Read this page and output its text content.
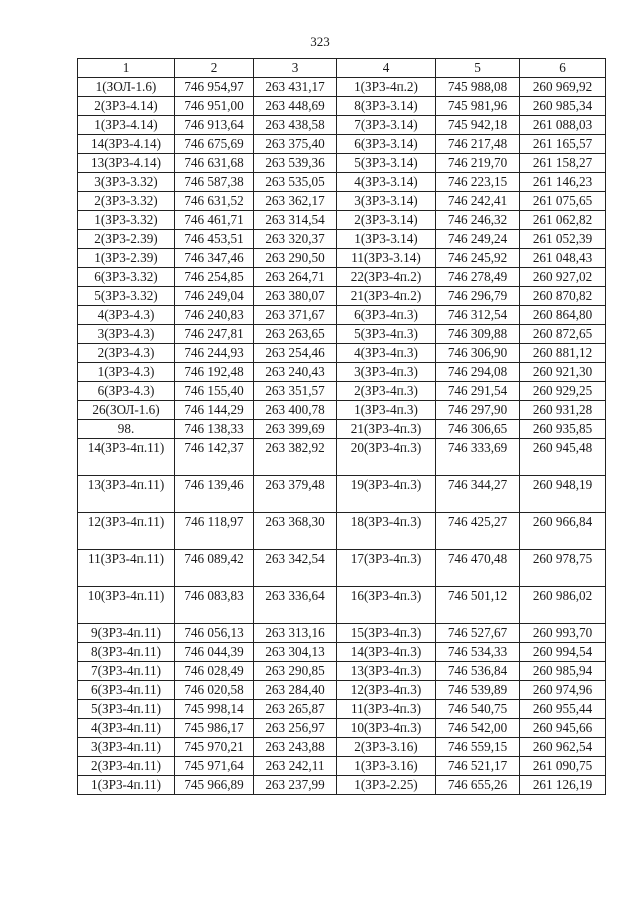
323
1	2	3	4	5	6
1(ЗОЛ-1.6)	746 954,97	263 431,17	1(ЗР3-4п.2)	745 988,08	260 969,92
2(ЗР3-4.14)	746 951,00	263 448,69	8(ЗР3-3.14)	745 981,96	260 985,34
1(ЗР3-4.14)	746 913,64	263 438,58	7(ЗР3-3.14)	745 942,18	261 088,03
14(ЗР3-4.14)	746 675,69	263 375,40	6(ЗР3-3.14)	746 217,48	261 165,57
13(ЗР3-4.14)	746 631,68	263 539,36	5(ЗР3-3.14)	746 219,70	261 158,27
3(ЗР3-3.32)	746 587,38	263 535,05	4(ЗР3-3.14)	746 223,15	261 146,23
2(ЗР3-3.32)	746 631,52	263 362,17	3(ЗР3-3.14)	746 242,41	261 075,65
1(ЗР3-3.32)	746 461,71	263 314,54	2(ЗР3-3.14)	746 246,32	261 062,82
2(ЗР3-2.39)	746 453,51	263 320,37	1(ЗР3-3.14)	746 249,24	261 052,39
1(ЗР3-2.39)	746 347,46	263 290,50	11(ЗР3-3.14)	746 245,92	261 048,43
6(ЗР3-3.32)	746 254,85	263 264,71	22(ЗР3-4п.2)	746 278,49	260 927,02
5(ЗР3-3.32)	746 249,04	263 380,07	21(ЗР3-4п.2)	746 296,79	260 870,82
4(ЗР3-4.3)	746 240,83	263 371,67	6(ЗР3-4п.3)	746 312,54	260 864,80
3(ЗР3-4.3)	746 247,81	263 263,65	5(ЗР3-4п.3)	746 309,88	260 872,65
2(ЗР3-4.3)	746 244,93	263 254,46	4(ЗР3-4п.3)	746 306,90	260 881,12
1(ЗР3-4.3)	746 192,48	263 240,43	3(ЗР3-4п.3)	746 294,08	260 921,30
6(ЗР3-4.3)	746 155,40	263 351,57	2(ЗР3-4п.3)	746 291,54	260 929,25
26(ЗОЛ-1.6)	746 144,29	263 400,78	1(ЗР3-4п.3)	746 297,90	260 931,28
98.	746 138,33	263 399,69	21(ЗР3-4п.3)	746 306,65	260 935,85
14(ЗР3-4п.11)	746 142,37	263 382,92	20(ЗР3-4п.3)	746 333,69	260 945,48
13(ЗР3-4п.11)	746 139,46	263 379,48	19(ЗР3-4п.3)	746 344,27	260 948,19
12(ЗР3-4п.11)	746 118,97	263 368,30	18(ЗР3-4п.3)	746 425,27	260 966,84
11(ЗР3-4п.11)	746 089,42	263 342,54	17(ЗР3-4п.3)	746 470,48	260 978,75
10(ЗР3-4п.11)	746 083,83	263 336,64	16(ЗР3-4п.3)	746 501,12	260 986,02
9(ЗР3-4п.11)	746 056,13	263 313,16	15(ЗР3-4п.3)	746 527,67	260 993,70
8(ЗР3-4п.11)	746 044,39	263 304,13	14(ЗР3-4п.3)	746 534,33	260 994,54
7(ЗР3-4п.11)	746 028,49	263 290,85	13(ЗР3-4п.3)	746 536,84	260 985,94
6(ЗР3-4п.11)	746 020,58	263 284,40	12(ЗР3-4п.3)	746 539,89	260 974,96
5(ЗР3-4п.11)	745 998,14	263 265,87	11(ЗР3-4п.3)	746 540,75	260 955,44
4(ЗР3-4п.11)	745 986,17	263 256,97	10(ЗР3-4п.3)	746 542,00	260 945,66
3(ЗР3-4п.11)	745 970,21	263 243,88	2(ЗР3-3.16)	746 559,15	260 962,54
2(ЗР3-4п.11)	745 971,64	263 242,11	1(ЗР3-3.16)	746 521,17	261 090,75
1(ЗР3-4п.11)	745 966,89	263 237,99	1(ЗР3-2.25)	746 655,26	261 126,19
